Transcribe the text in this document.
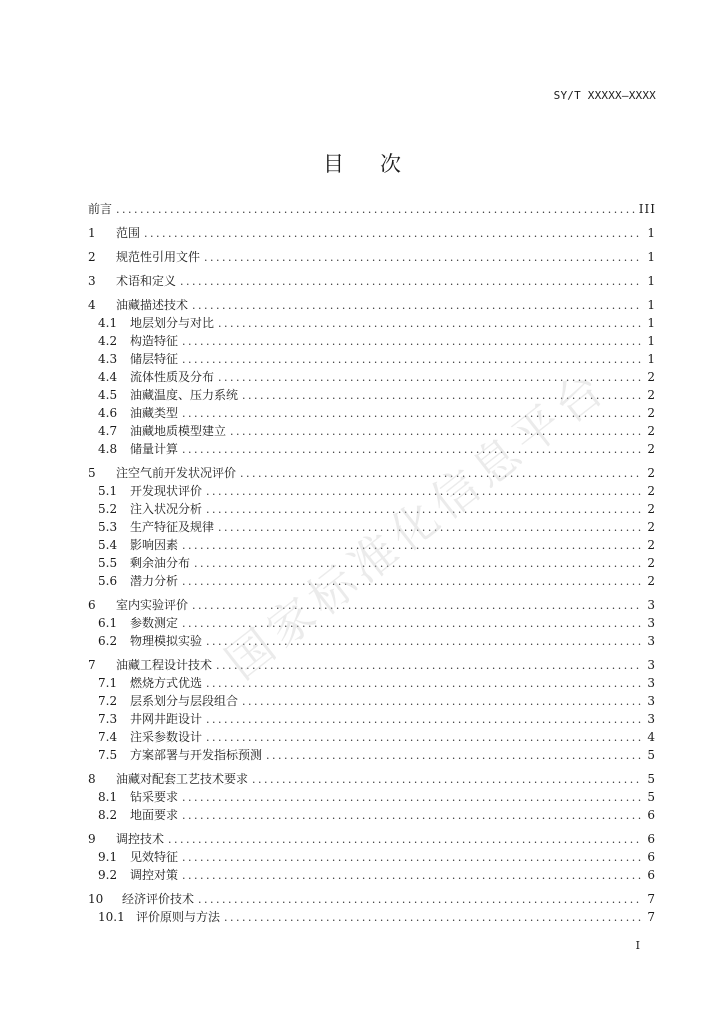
SY/T XXXXX—XXXX
目 次
前言 .....	III
1	范围 .....	1
2	规范性引用文件 .....	1
3	术语和定义 .....	1
4	油藏描述技术 .....	1
4.1	地层划分与对比 .....	1
4.2	构造特征 .....	1
4.3	储层特征 .....	1
4.4	流体性质及分布 .....	2
4.5	油藏温度、压力系统 .....	2
4.6	油藏类型 .....	2
4.7	油藏地质模型建立 .....	2
4.8	储量计算 .....	2
5	注空气前开发状况评价 .....	2
5.1	开发现状评价 .....	2
5.2	注入状况分析 .....	2
5.3	生产特征及规律 .....	2
5.4	影响因素 .....	2
5.5	剩余油分布 .....	2
5.6	潜力分析 .....	2
6	室内实验评价 .....	3
6.1	参数测定 .....	3
6.2	物理模拟实验 .....	3
7	油藏工程设计技术 .....	3
7.1	燃烧方式优选 .....	3
7.2	层系划分与层段组合 .....	3
7.3	井网井距设计 .....	3
7.4	注采参数设计 .....	4
7.5	方案部署与开发指标预测 .....	5
8	油藏对配套工艺技术要求 .....	5
8.1	钻采要求 .....	5
8.2	地面要求 .....	6
9	调控技术 .....	6
9.1	见效特征 .....	6
9.2	调控对策 .....	6
10	经济评价技术 .....	7
10.1 评价原则与方法 .....	7
I
国家标准化信息平台
